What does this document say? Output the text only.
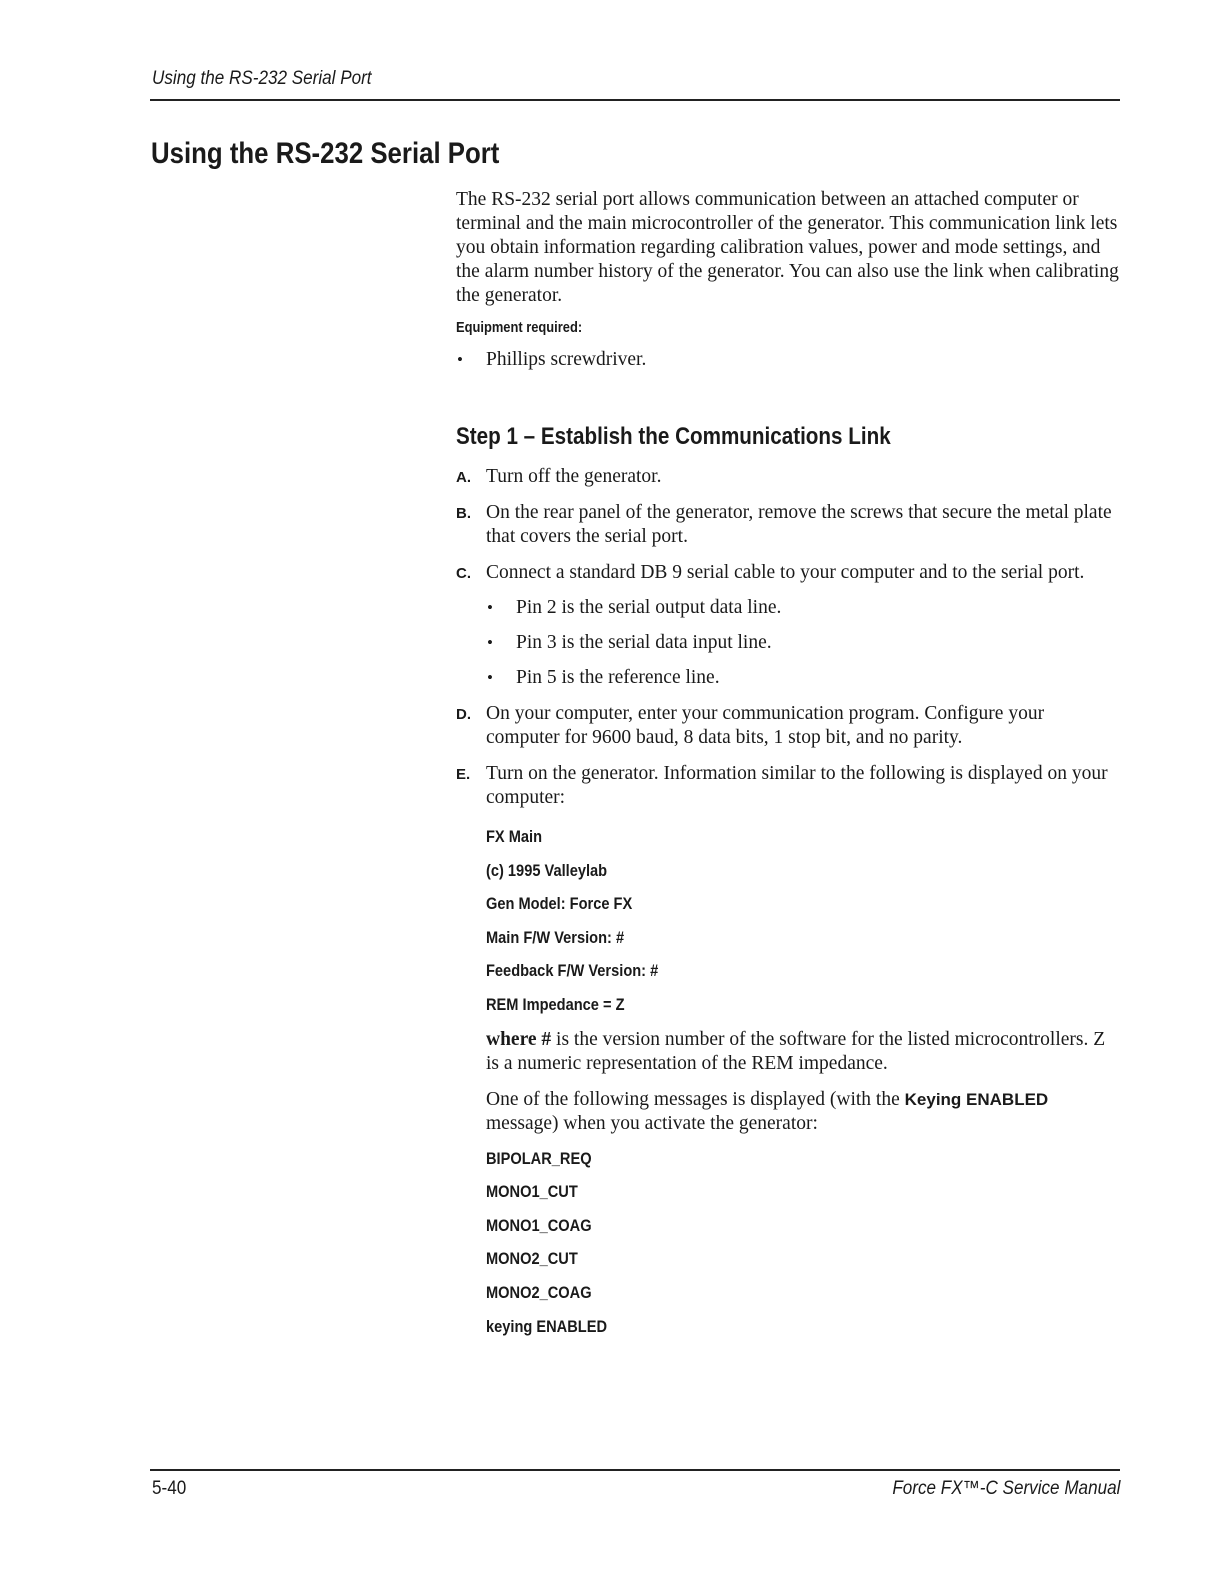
Using the RS-232 Serial Port
Using the RS-232 Serial Port

The RS-232 serial port allows communication between an attached computer or terminal and the main microcontroller of the generator. This communication link lets you obtain information regarding calibration values, power and mode settings, and the alarm number history of the generator. You can also use the link when calibrating the generator.

Equipment required:

• Phillips screwdriver.
Step 1 – Establish the Communications Link
A. Turn off the generator.

B. On the rear panel of the generator, remove the screws that secure the metal plate that covers the serial port.

C. Connect a standard DB 9 serial cable to your computer and to the serial port.

• Pin 2 is the serial output data line.
• Pin 3 is the serial data input line.
• Pin 5 is the reference line.
D. On your computer, enter your communication program. Configure your computer for 9600 baud, 8 data bits, 1 stop bit, and no parity.

E. Turn on the generator. Information similar to the following is displayed on your computer:

FX Main
(c) 1995 Valleylab
Gen Model: Force FX
Main F/W Version: #
Feedback F/W Version: #
REM Impedance = Z

where # is the version number of the software for the listed microcontrollers. Z is a numeric representation of the REM impedance.

One of the following messages is displayed (with the Keying ENABLED message) when you activate the generator:

BIPOLAR_REQ
MONO1_CUT
MONO1_COAG
MONO2_CUT
MONO2_COAG
keying ENABLED
5-40	Force FX™-C Service Manual
